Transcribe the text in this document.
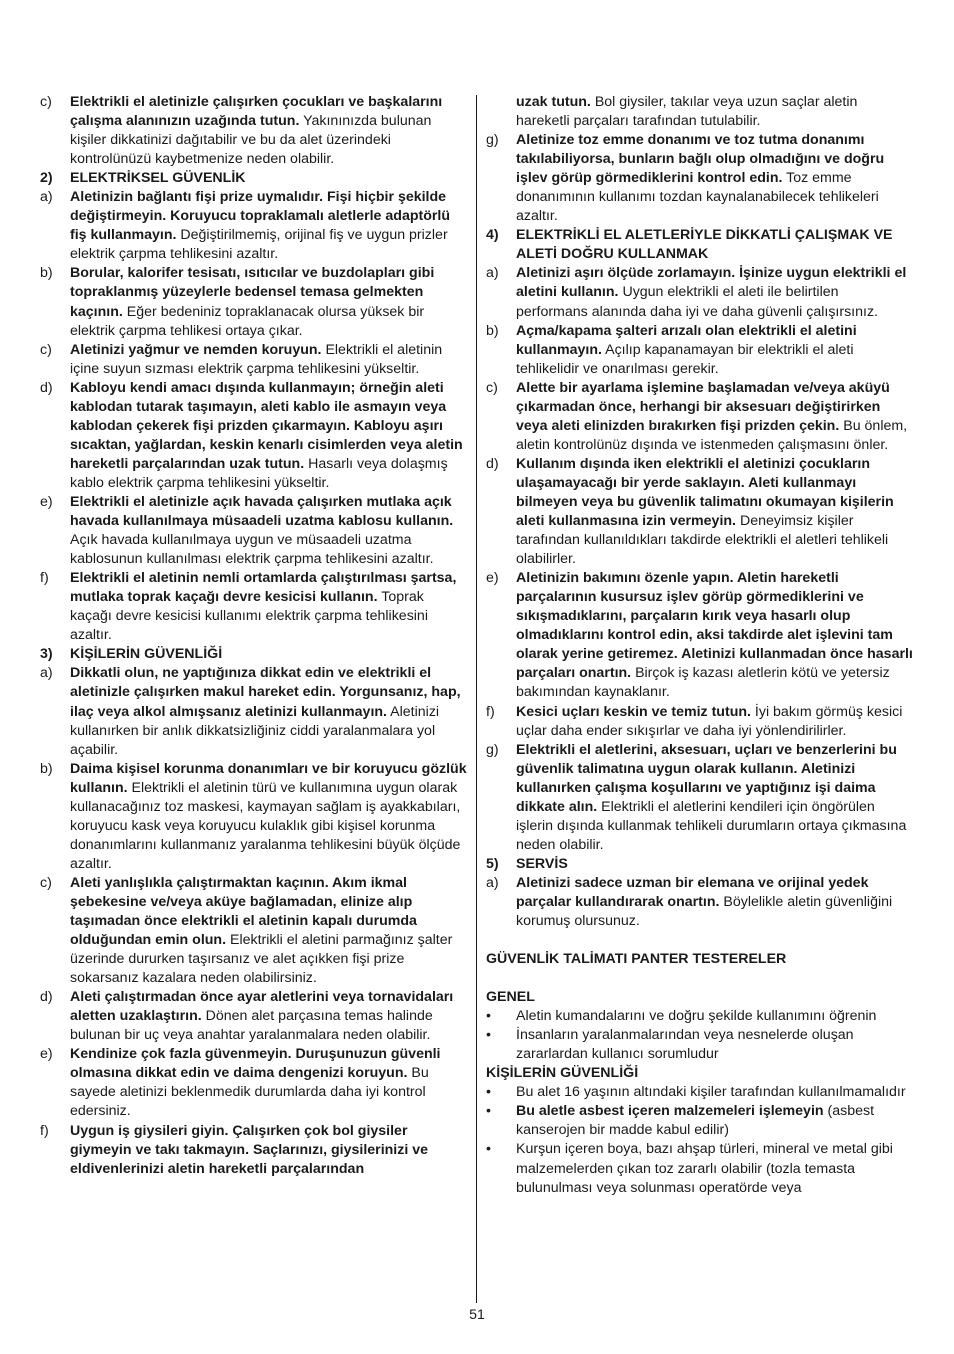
c)	Elektrikli el aletinizle çalışırken çocukları ve başkalarını çalışma alanınızın uzağında tutun. Yakınınızda bulunan kişiler dikkatinizi dağıtabilir ve bu da alet üzerindeki kontrolünüzü kaybetmenize neden olabilir.
2)	ELEKTRİKSEL GÜVENLİK
a)	Aletinizin bağlantı fişi prize uymalıdır. Fişi hiçbir şekilde değiştirmeyin. Koruyucu topraklamalı aletlerle adaptörlü fiş kullanmayın. Değiştirilmemiş, orijinal fiş ve uygun prizler elektrik çarpma tehlikesini azaltır.
b)	Borular, kalorifer tesisatı, ısıtıcılar ve buzdolapları gibi topraklanmış yüzeylerle bedensel temasa gelmekten kaçının. Eğer bedeniniz topraklanacak olursa yüksek bir elektrik çarpma tehlikesi ortaya çıkar.
c)	Aletinizi yağmur ve nemden koruyun. Elektrikli el aletinin içine suyun sızması elektrik çarpma tehlikesini yükseltir.
d)	Kabloyu kendi amacı dışında kullanmayın; örneğin aleti kablodan tutarak taşımayın, aleti kablo ile asmayın veya kablodan çekerek fişi prizden çıkarmayın. Kabloyu aşırı sıcaktan, yağlardan, keskin kenarlı cisimlerden veya aletin hareketli parçalarından uzak tutun. Hasarlı veya dolaşmış kablo elektrik çarpma tehlikesini yükseltir.
e)	Elektrikli el aletinizle açık havada çalışırken mutlaka açık havada kullanılmaya müsaadeli uzatma kablosu kullanın. Açık havada kullanılmaya uygun ve müsaadeli uzatma kablosunun kullanılması elektrik çarpma tehlikesini azaltır.
f)	Elektrikli el aletinin nemli ortamlarda çalıştırılması şartsa, mutlaka toprak kaçağı devre kesicisi kullanın. Toprak kaçağı devre kesicisi kullanımı elektrik çarpma tehlikesini azaltır.
3)	KİŞİLERİN GÜVENLİĞİ
a)	Dikkatli olun, ne yaptığınıza dikkat edin ve elektrikli el aletinizle çalışırken makul hareket edin. Yorgunsanız, hap, ilaç veya alkol almışsanız aletinizi kullanmayın. Aletinizi kullanırken bir anlık dikkatsizliğiniz ciddi yaralanmalara yol açabilir.
b)	Daima kişisel korunma donanımları ve bir koruyucu gözlük kullanın. Elektrikli el aletinin türü ve kullanımına uygun olarak kullanacağınız toz maskesi, kaymayan sağlam iş ayakkabıları, koruyucu kask veya koruyucu kulaklık gibi kişisel korunma donanımlarını kullanmanız yaralanma tehlikesini büyük ölçüde azaltır.
c)	Aleti yanlışlıkla çalıştırmaktan kaçının. Akım ikmal şebekesine ve/veya aküye bağlamadan, elinize alıp taşımadan önce elektrikli el aletinin kapalı durumda olduğundan emin olun. Elektrikli el aletini parmağınız şalter üzerinde dururken taşırsanız ve alet açıkken fişi prize sokarsanız kazalara neden olabilirsiniz.
d)	Aleti çalıştırmadan önce ayar aletlerini veya tornavidaları aletten uzaklaştırın. Dönen alet parçasına temas halinde bulunan bir uç veya anahtar yaralanmalara neden olabilir.
e)	Kendinize çok fazla güvenmeyin. Duruşunuzun güvenli olmasına dikkat edin ve daima dengenizi koruyun. Bu sayede aletinizi beklenmedik durumlarda daha iyi kontrol edersiniz.
f)	Uygun iş giysileri giyin. Çalışırken çok bol giysiler giymeyin ve takı takmayın. Saçlarınızı, giysilerinizi ve eldivenlerinizi aletin hareketli parçalarından
uzak tutun. Bol giysiler, takılar veya uzun saçlar aletin hareketli parçaları tarafından tutulabilir.
g)	Aletinize toz emme donanımı ve toz tutma donanımı takılabiliyorsa, bunların bağlı olup olmadığını ve doğru işlev görüp görmediklerini kontrol edin. Toz emme donanımının kullanımı tozdan kaynalanabilecek tehlikeleri azaltır.
4)	ELEKTRİKLİ EL ALETLERİYLE DİKKATLİ ÇALIŞMAK VE ALETİ DOĞRU KULLANMAK
a)	Aletinizi aşırı ölçüde zorlamayın. İşinize uygun elektrikli el aletini kullanın. Uygun elektrikli el aleti ile belirtilen performans alanında daha iyi ve daha güvenli çalışırsınız.
b)	Açma/kapama şalteri arızalı olan elektrikli el aletini kullanmayın. Açılıp kapanamayan bir elektrikli el aleti tehlikelidir ve onarılması gerekir.
c)	Alette bir ayarlama işlemine başlamadan ve/veya aküyü çıkarmadan önce, herhangi bir aksesuarı değiştirirken veya aleti elinizden bırakırken fişi prizden çekin. Bu önlem, aletin kontrolünüz dışında ve istenmeden çalışmasını önler.
d)	Kullanım dışında iken elektrikli el aletinizi çocukların ulaşamayacağı bir yerde saklayın. Aleti kullanmayı bilmeyen veya bu güvenlik talimatını okumayan kişilerin aleti kullanmasına izin vermeyin. Deneyimsiz kişiler tarafından kullanıldıkları takdirde elektrikli el aletleri tehlikeli olabilirler.
e)	Aletinizin bakımını özenle yapın. Aletin hareketli parçalarının kusursuz işlev görüp görmediklerini ve sıkışmadıklarını, parçaların kırık veya hasarlı olup olmadıklarını kontrol edin, aksi takdirde alet işlevini tam olarak yerine getiremez. Aletinizi kullanmadan önce hasarlı parçaları onartın. Birçok iş kazası aletlerin kötü ve yetersiz bakımından kaynaklanır.
f)	Kesici uçları keskin ve temiz tutun. İyi bakım görmüş kesici uçlar daha ender sıkışırlar ve daha iyi yönlendirilirler.
g)	Elektrikli el aletlerini, aksesuarı, uçları ve benzerlerini bu güvenlik talimatına uygun olarak kullanın. Aletinizi kullanırken çalışma koşullarını ve yaptığınız işi daima dikkate alın. Elektrikli el aletlerini kendileri için öngörülen işlerin dışında kullanmak tehlikeli durumların ortaya çıkmasına neden olabilir.
5)	SERVİS
a)	Aletinizi sadece uzman bir elemana ve orijinal yedek parçalar kullandırarak onartın. Böylelikle aletin güvenliğini korumuş olursunuz.
GÜVENLİK TALİMATI PANTER TESTERELER
GENEL
•	Aletin kumandalarını ve doğru şekilde kullanımını öğrenin
•	İnsanların yaralanmalarından veya nesnelerde oluşan zararlardan kullanıcı sorumludur
KİŞİLERİN GÜVENLİĞİ
•	Bu alet 16 yaşının altındaki kişiler tarafından kullanılmamalıdır
•	Bu aletle asbest içeren malzemeleri işlemeyin (asbest kanserojen bir madde kabul edilir)
•	Kurşun içeren boya, bazı ahşap türleri, mineral ve metal gibi malzemelerden çıkan toz zararlı olabilir (tozla temasta bulunulması veya solunması operatörde veya
51
